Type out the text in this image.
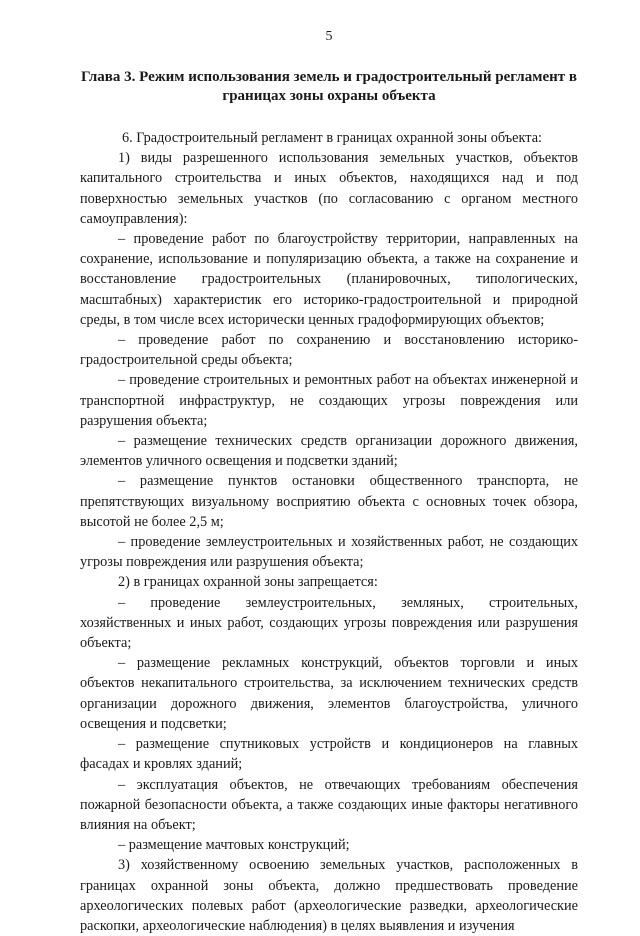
5
Глава 3. Режим использования земель и градостроительный регламент в границах зоны охраны объекта

6. Градостроительный регламент в границах охранной зоны объекта:

1) виды разрешенного использования земельных участков, объектов капитального строительства и иных объектов, находящихся над и под поверхностью земельных участков (по согласованию с органом местного самоуправления):

– проведение работ по благоустройству территории, направленных на сохранение, использование и популяризацию объекта, а также на сохранение и восстановление градостроительных (планировочных, типологических, масштабных) характеристик его историко-градостроительной и природной среды, в том числе всех исторически ценных градоформирующих объектов;

– проведение работ по сохранению и восстановлению историко-градостроительной среды объекта;

– проведение строительных и ремонтных работ на объектах инженерной и транспортной инфраструктур, не создающих угрозы повреждения или разрушения объекта;

– размещение технических средств организации дорожного движения, элементов уличного освещения и подсветки зданий;

– размещение пунктов остановки общественного транспорта, не препятствующих визуальному восприятию объекта с основных точек обзора, высотой не более 2,5 м;

– проведение землеустроительных и хозяйственных работ, не создающих угрозы повреждения или разрушения объекта;

2) в границах охранной зоны запрещается:

– проведение землеустроительных, земляных, строительных, хозяйственных и иных работ, создающих угрозы повреждения или разрушения объекта;

– размещение рекламных конструкций, объектов торговли и иных объектов некапитального строительства, за исключением технических средств организации дорожного движения, элементов благоустройства, уличного освещения и подсветки;

– размещение спутниковых устройств и кондиционеров на главных фасадах и кровлях зданий;

– эксплуатация объектов, не отвечающих требованиям обеспечения пожарной безопасности объекта, а также создающих иные факторы негативного влияния на объект;

– размещение мачтовых конструкций;

3) хозяйственному освоению земельных участков, расположенных в границах охранной зоны объекта, должно предшествовать проведение археологических полевых работ (археологические разведки, археологические раскопки, археологические наблюдения) в целях выявления и изучения
